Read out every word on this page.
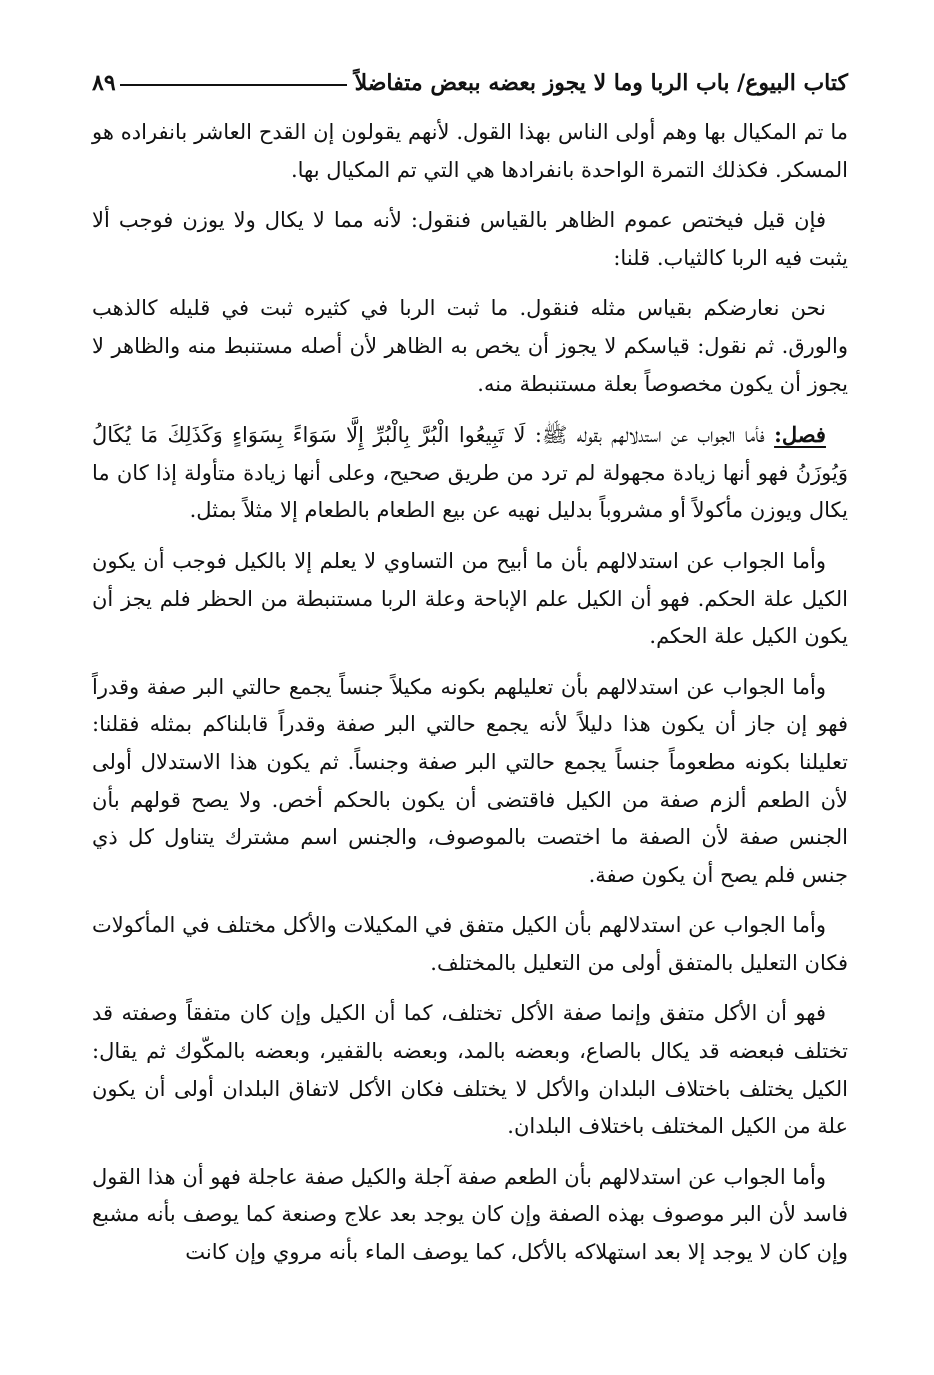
كتاب البيوع/ باب الربا وما لا يجوز بعضه ببعض متفاضلاً
٨٩

ما تم المكيال بها وهم أولى الناس بهذا القول. لأنهم يقولون إن القدح العاشر بانفراده هو المسكر. فكذلك التمرة الواحدة بانفرادها هي التي تم المكيال بها.

فإن قيل فيختص عموم الظاهر بالقياس فنقول: لأنه مما لا يكال ولا يوزن فوجب ألا يثبت فيه الربا كالثياب. قلنا:

نحن نعارضكم بقياس مثله فنقول. ما ثبت الربا في كثيره ثبت في قليله كالذهب والورق. ثم نقول: قياسكم لا يجوز أن يخص به الظاهر لأن أصله مستنبط منه والظاهر لا يجوز أن يكون مخصوصاً بعلة مستنبطة منه.

فصل: فأما الجواب عن استدلالهم بقوله ﷺ: لَا تَبِيعُوا الْبُرَّ بِالْبُرِّ إِلَّا سَوَاءً بِسَوَاءٍ وَكَذَلِكَ مَا يُكَالُ وَيُوزَنُ فهو أنها زيادة مجهولة لم ترد من طريق صحيح، وعلى أنها زيادة متأولة إذا كان ما يكال ويوزن مأكولاً أو مشروباً بدليل نهيه عن بيع الطعام بالطعام إلا مثلاً بمثل.

وأما الجواب عن استدلالهم بأن ما أبيح من التساوي لا يعلم إلا بالكيل فوجب أن يكون الكيل علة الحكم. فهو أن الكيل علم الإباحة وعلة الربا مستنبطة من الحظر فلم يجز أن يكون الكيل علة الحكم.

وأما الجواب عن استدلالهم بأن تعليلهم بكونه مكيلاً جنساً يجمع حالتي البر صفة وقدراً فهو إن جاز أن يكون هذا دليلاً لأنه يجمع حالتي البر صفة وقدراً قابلناكم بمثله فقلنا: تعليلنا بكونه مطعوماً جنساً يجمع حالتي البر صفة وجنساً. ثم يكون هذا الاستدلال أولى لأن الطعم ألزم صفة من الكيل فاقتضى أن يكون بالحكم أخص. ولا يصح قولهم بأن الجنس صفة لأن الصفة ما اختصت بالموصوف، والجنس اسم مشترك يتناول كل ذي جنس فلم يصح أن يكون صفة.

وأما الجواب عن استدلالهم بأن الكيل متفق في المكيلات والأكل مختلف في المأكولات فكان التعليل بالمتفق أولى من التعليل بالمختلف.

فهو أن الأكل متفق وإنما صفة الأكل تختلف، كما أن الكيل وإن كان متفقاً وصفته قد تختلف فبعضه قد يكال بالصاع، وبعضه بالمد، وبعضه بالقفير، وبعضه بالمكّوك ثم يقال: الكيل يختلف باختلاف البلدان والأكل لا يختلف فكان الأكل لاتفاق البلدان أولى أن يكون علة من الكيل المختلف باختلاف البلدان.

وأما الجواب عن استدلالهم بأن الطعم صفة آجلة والكيل صفة عاجلة فهو أن هذا القول فاسد لأن البر موصوف بهذه الصفة وإن كان يوجد بعد علاج وصنعة كما يوصف بأنه مشبع وإن كان لا يوجد إلا بعد استهلاكه بالأكل، كما يوصف الماء بأنه مروي وإن كانت
